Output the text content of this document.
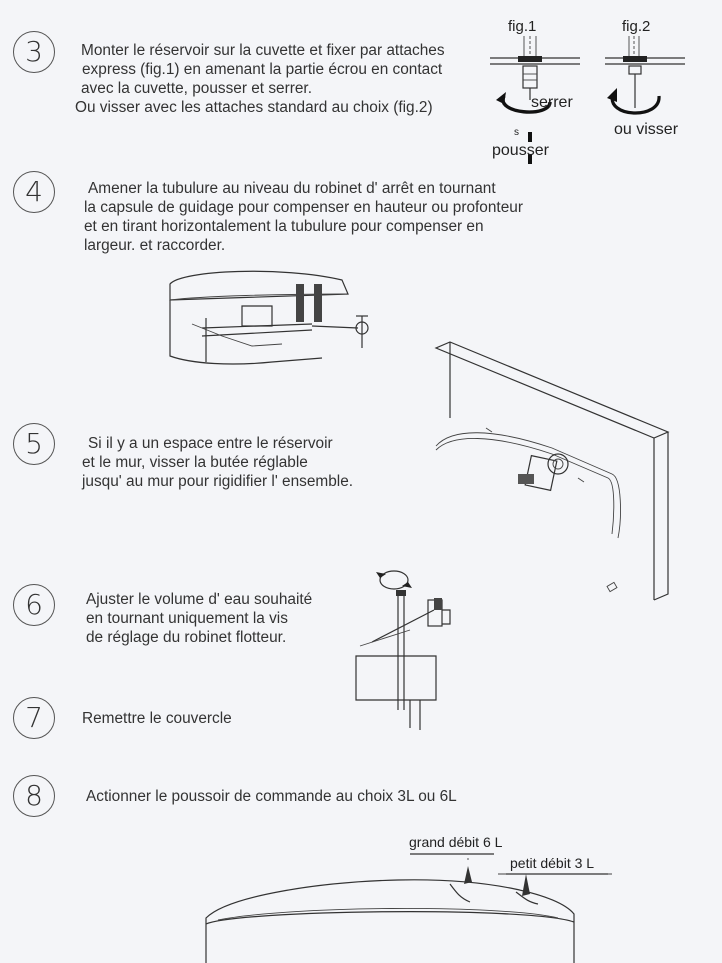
3	Monter le réservoir sur la cuvette et fixer par attaches
express (fig.1) en amenant la partie écrou en contact
avec la cuvette, pousser et serrer.
Ou visser avec les attaches standard au choix (fig.2)
fig.1
serrer
s
pousser
fig.2
ou visser
4	Amener la tubulure au niveau du robinet d' arrêt en tournant
la capsule de guidage pour compenser en hauteur ou profonteur
et en tirant horizontalement la tubulure pour compenser en
largeur. et raccorder.
5	Si il y a un espace entre le réservoir
et le mur, visser la butée réglable
jusqu' au mur pour rigidifier l' ensemble.
6	Ajuster le volume d' eau souhaité
en tournant uniquement la vis
de réglage du robinet flotteur.
7	Remettre le couvercle
8	Actionner le poussoir de commande au choix 3L ou 6L
grand débit 6 L
petit débit 3 L
